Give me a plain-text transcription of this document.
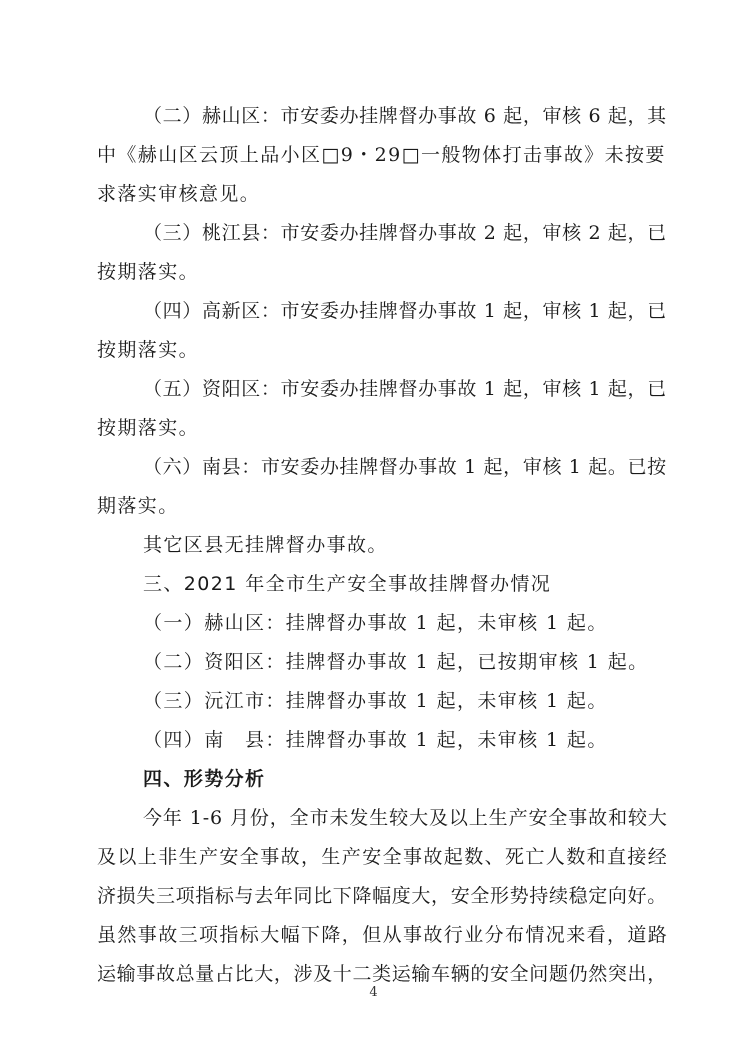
（二）赫山区：市安委办挂牌督办事故 6 起，审核 6 起，其

中《赫山区云顶上品小区□9・29□一般物体打击事故》未按要

求落实审核意见。

（三）桃江县：市安委办挂牌督办事故 2 起，审核 2 起，已

按期落实。

（四）高新区：市安委办挂牌督办事故 1 起，审核 1 起，已

按期落实。

（五）资阳区：市安委办挂牌督办事故 1 起，审核 1 起，已

按期落实。

（六）南县：市安委办挂牌督办事故 1 起，审核 1 起。已按

期落实。

其它区县无挂牌督办事故。

三、2021 年全市生产安全事故挂牌督办情况

（一）赫山区：挂牌督办事故 1 起，未审核 1 起。

（二）资阳区：挂牌督办事故 1 起，已按期审核 1 起。

（三）沅江市：挂牌督办事故 1 起，未审核 1 起。

（四）南　县：挂牌督办事故 1 起，未审核 1 起。

四、形势分析

今年 1-6 月份，全市未发生较大及以上生产安全事故和较大

及以上非生产安全事故，生产安全事故起数、死亡人数和直接经

济损失三项指标与去年同比下降幅度大，安全形势持续稳定向好。

虽然事故三项指标大幅下降，但从事故行业分布情况来看，道路

运输事故总量占比大，涉及十二类运输车辆的安全问题仍然突出，

4
